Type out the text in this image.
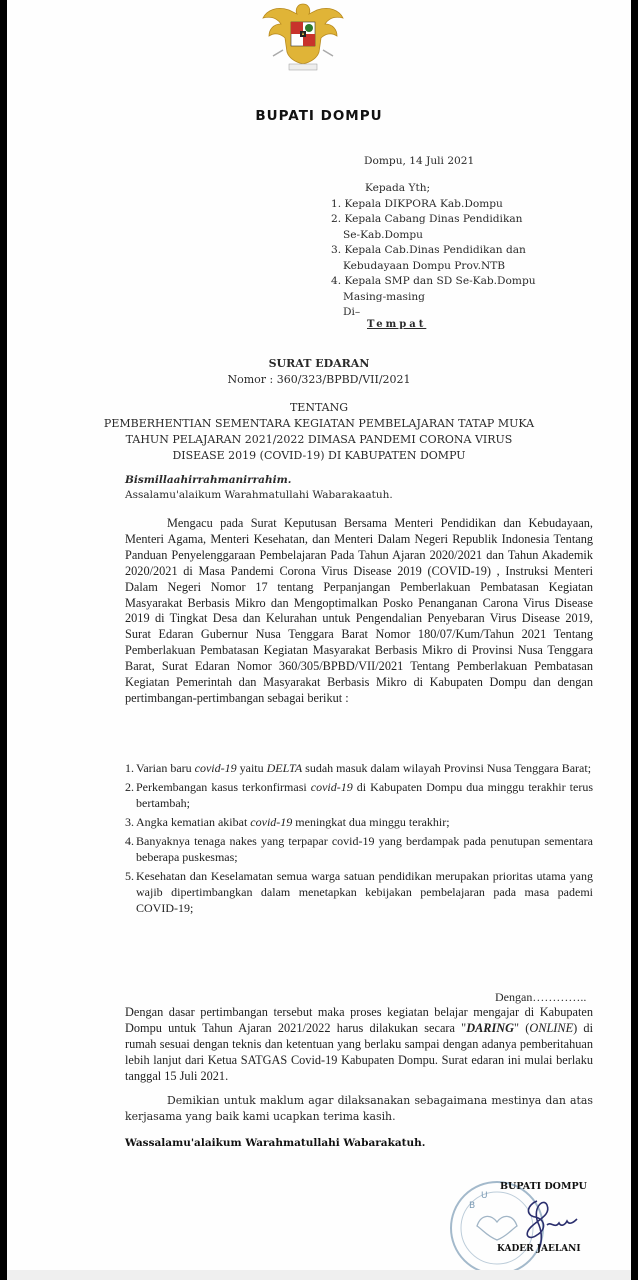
BUPATI DOMPU
Dompu, 14 Juli 2021
Kepada Yth;
1. Kepala DIKPORA Kab.Dompu
2. Kepala Cabang Dinas Pendidikan
Se-Kab.Dompu
3. Kepala Cab.Dinas Pendidikan dan
Kebudayaan Dompu Prov.NTB
4. Kepala SMP dan SD Se-Kab.Dompu
Masing-masing
Di–
Tempat
SURAT EDARAN
Nomor : 360/323/BPBD/VII/2021
TENTANG
PEMBERHENTIAN SEMENTARA KEGIATAN PEMBELAJARAN TATAP MUKA
TAHUN PELAJARAN 2021/2022 DIMASA PANDEMI CORONA VIRUS
DISEASE 2019 (COVID-19) DI KABUPATEN DOMPU
Bismillaahirrahmanirrahim.
Assalamu'alaikum Warahmatullahi Wabarakaatuh.
Mengacu pada Surat Keputusan Bersama Menteri Pendidikan dan Kebudayaan, Menteri Agama, Menteri Kesehatan, dan Menteri Dalam Negeri Republik Indonesia Tentang Panduan Penyelenggaraan Pembelajaran Pada Tahun Ajaran 2020/2021 dan Tahun Akademik 2020/2021 di Masa Pandemi Corona Virus Disease 2019 (COVID-19) , Instruksi Menteri Dalam Negeri Nomor 17 tentang Perpanjangan Pemberlakuan Pembatasan Kegiatan Masyarakat Berbasis Mikro dan Mengoptimalkan Posko Penanganan Carona Virus Disease 2019 di Tingkat Desa dan Kelurahan untuk Pengendalian Penyebaran Virus Disease 2019, Surat Edaran Gubernur Nusa Tenggara Barat Nomor 180/07/Kum/Tahun 2021 Tentang Pemberlakuan Pembatasan Kegiatan Masyarakat Berbasis Mikro di Provinsi Nusa Tenggara Barat, Surat Edaran Nomor 360/305/BPBD/VII/2021 Tentang Pemberlakuan Pembatasan Kegiatan Pemerintah dan Masyarakat Berbasis Mikro di Kabupaten Dompu dan dengan pertimbangan-pertimbangan sebagai berikut :
1. Varian baru covid-19 yaitu DELTA sudah masuk dalam wilayah Provinsi Nusa Tenggara Barat;
2. Perkembangan kasus terkonfirmasi covid-19 di Kabupaten Dompu dua minggu terakhir terus bertambah;
3. Angka kematian akibat covid-19 meningkat dua minggu terakhir;
4. Banyaknya tenaga nakes yang terpapar covid-19 yang berdampak pada penutupan sementara beberapa puskesmas;
5. Kesehatan dan Keselamatan semua warga satuan pendidikan merupakan prioritas utama yang wajib dipertimbangkan dalam menetapkan kebijakan pembelajaran pada masa pademi COVID-19;
Dengan…………..
Dengan dasar pertimbangan tersebut maka proses kegiatan belajar mengajar di Kabupaten Dompu untuk Tahun Ajaran 2021/2022 harus dilakukan secara "DARING" (ONLINE) di rumah sesuai dengan teknis dan ketentuan yang berlaku sampai dengan adanya pemberitahuan lebih lanjut dari Ketua SATGAS Covid-19 Kabupaten Dompu. Surat edaran ini mulai berlaku tanggal 15 Juli 2021.
Demikian untuk maklum agar dilaksanakan sebagaimana mestinya dan atas kerjasama yang baik kami ucapkan terima kasih.
Wassalamu'alaikum Warahmatullahi Wabarakatuh.
B
U
BUPATI DOMPU
KADER JAELANI
